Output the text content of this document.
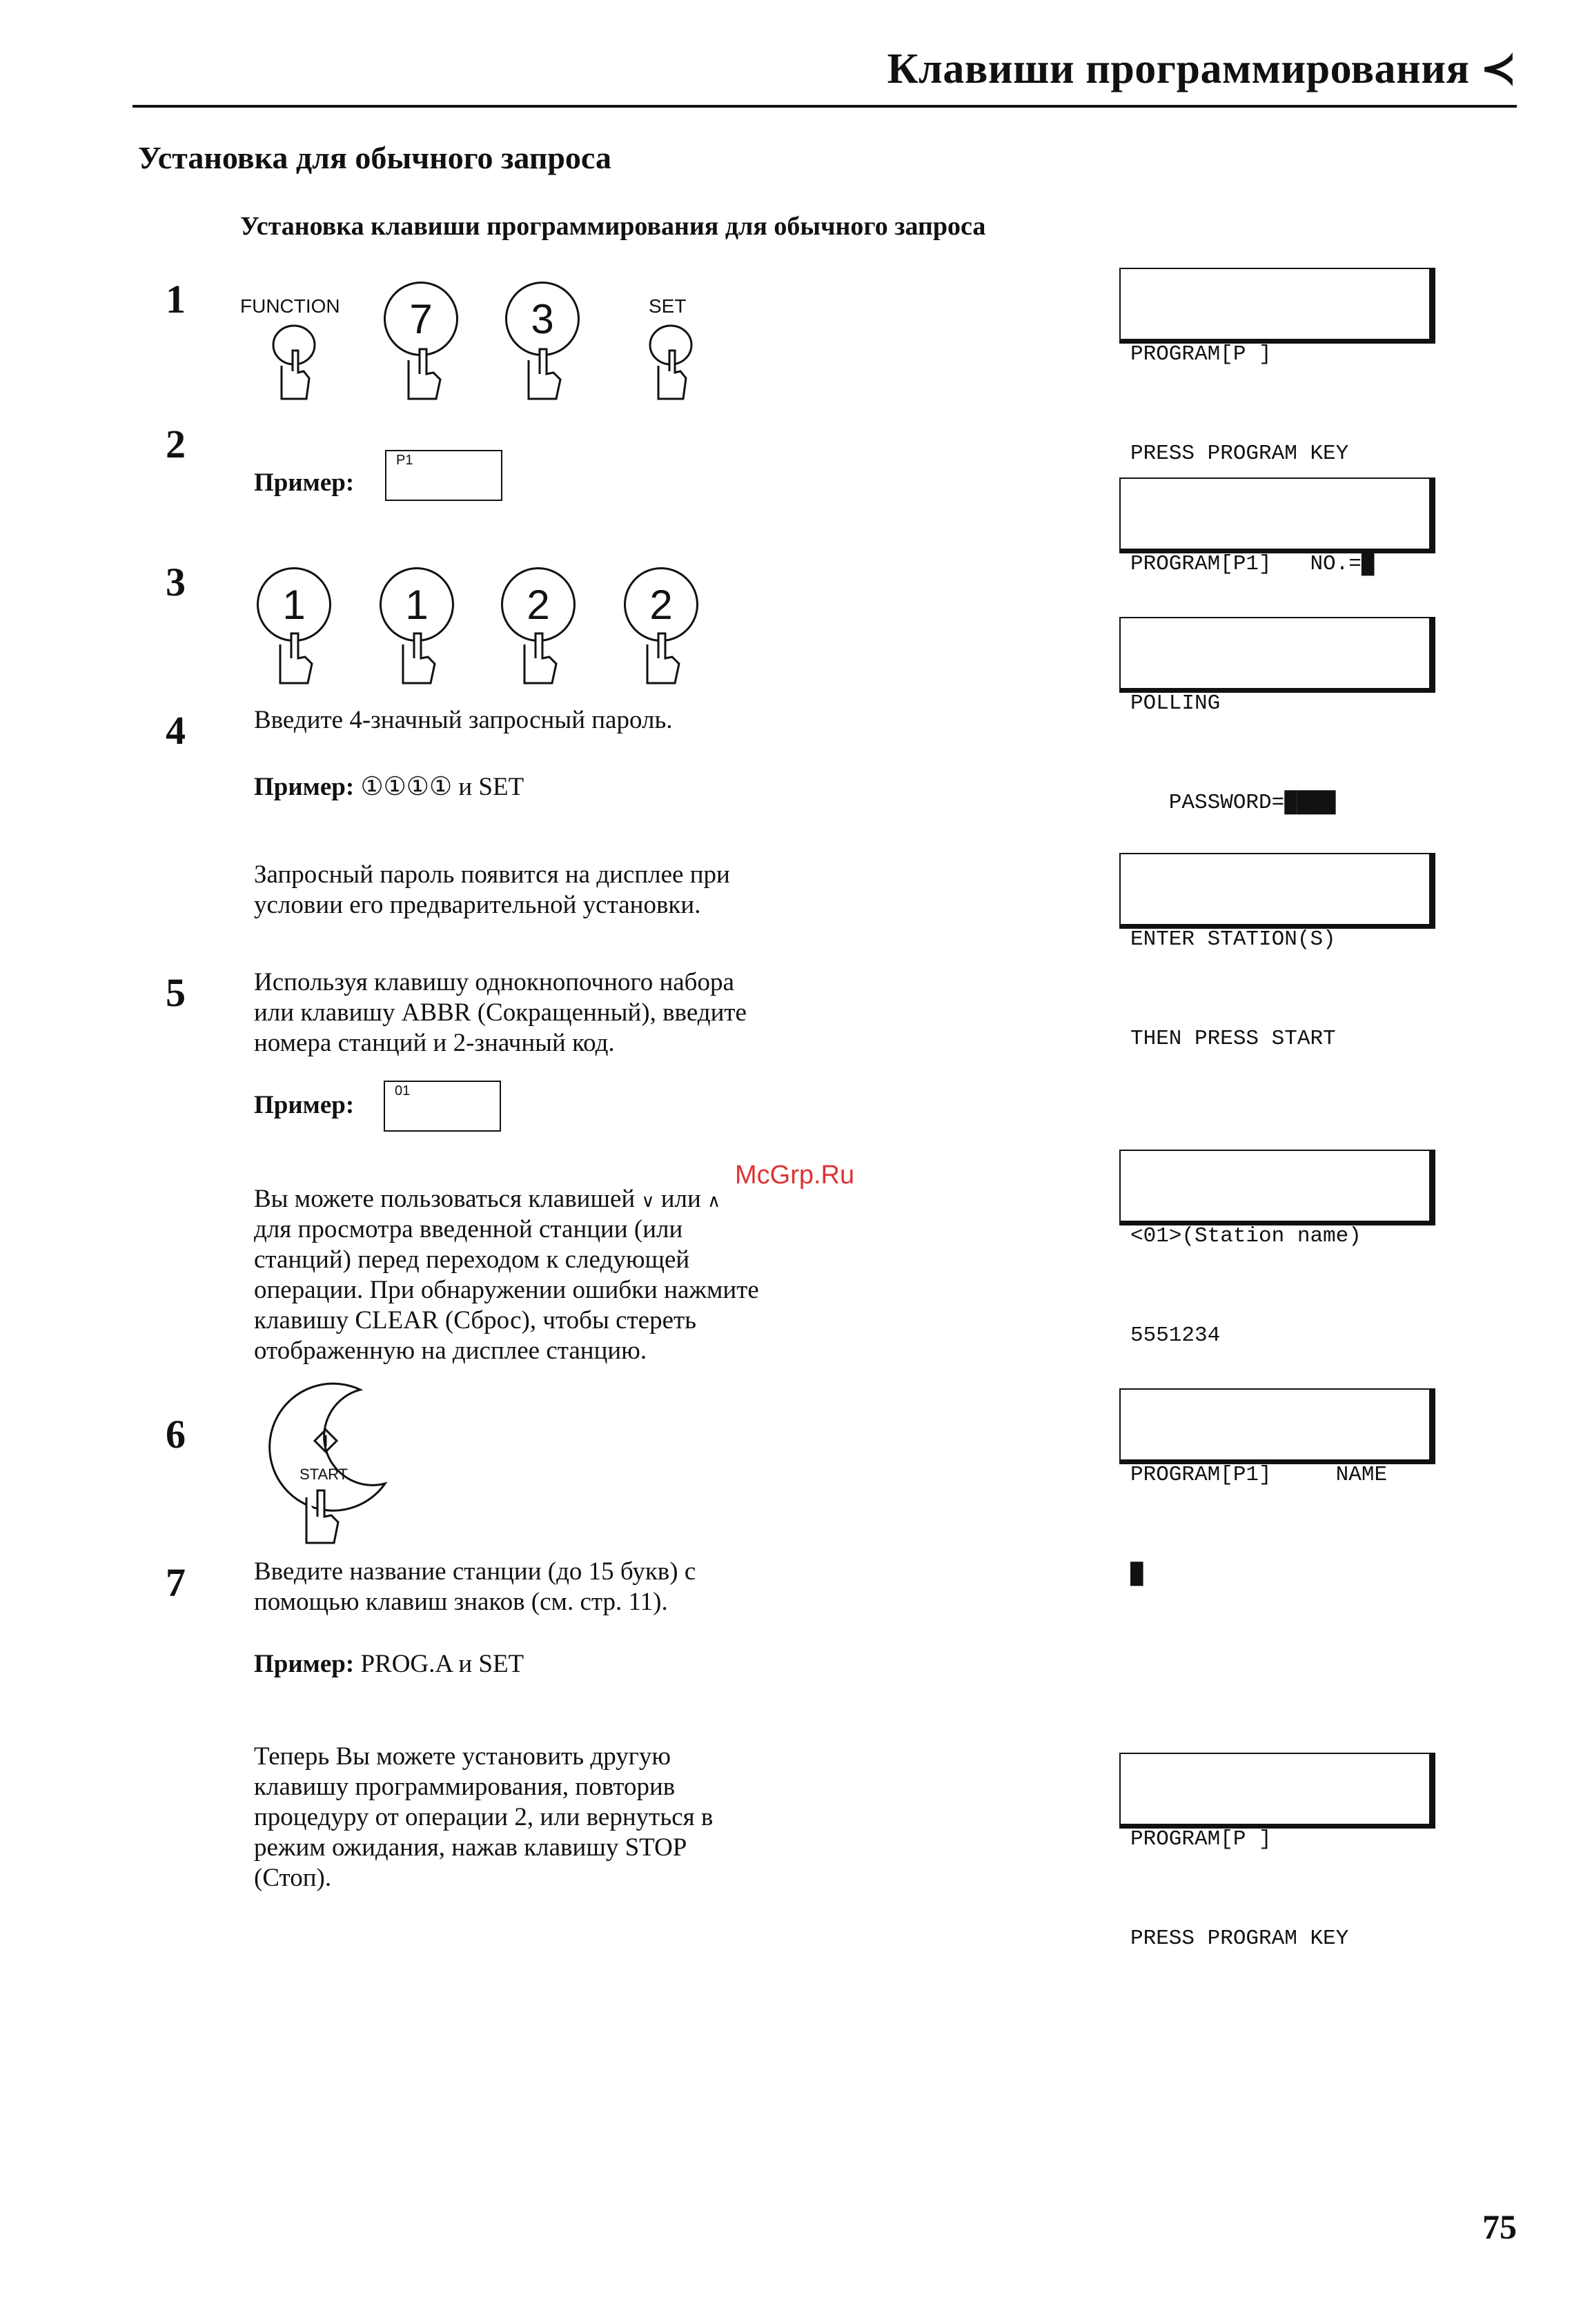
Клавиши программирования ≺
Установка для обычного запроса
Установка клавиши программирования для обычного запроса
1
2
3
4
5
6
7
FUNCTION	7	3	SET
Пример:
P1
1	1	2	2
Введите 4-значный запросный пароль.
Пример: ①①①① и SET
Запросный пароль появится на дисплее при
условии его предварительной установки.
Используя клавишу однокнопочного набора
или клавишу ABBR (Сокращенный), введите
номера станций и 2-значный код.
Пример:	01
Вы можете пользоваться клавишей ∨ или ∧
для просмотра введенной станции (или
станций) перед переходом к следующей
операции. При обнаружении ошибки нажмите
клавишу CLEAR (Сброс), чтобы стереть
отображенную на дисплее станцию.
McGrp.Ru
START
Введите название станции (до 15 букв) с
помощью клавиш знаков (см. стр. 11).
Пример: PROG.A и SET
Теперь Вы можете установить другую
клавишу программирования, повторив
процедуру от операции 2, или вернуться в
режим ожидания, нажав клавишу STOP
(Стоп).

PROGRAM[P ]

PRESS PROGRAM KEY

PROGRAM[P1]   NO.=█

POLLING

PASSWORD=████

ENTER STATION(S)

THEN PRESS START

<01>(Station name)

5551234

PROGRAM[P1]     NAME

█

PROGRAM[P ]

PRESS PROGRAM KEY

75
